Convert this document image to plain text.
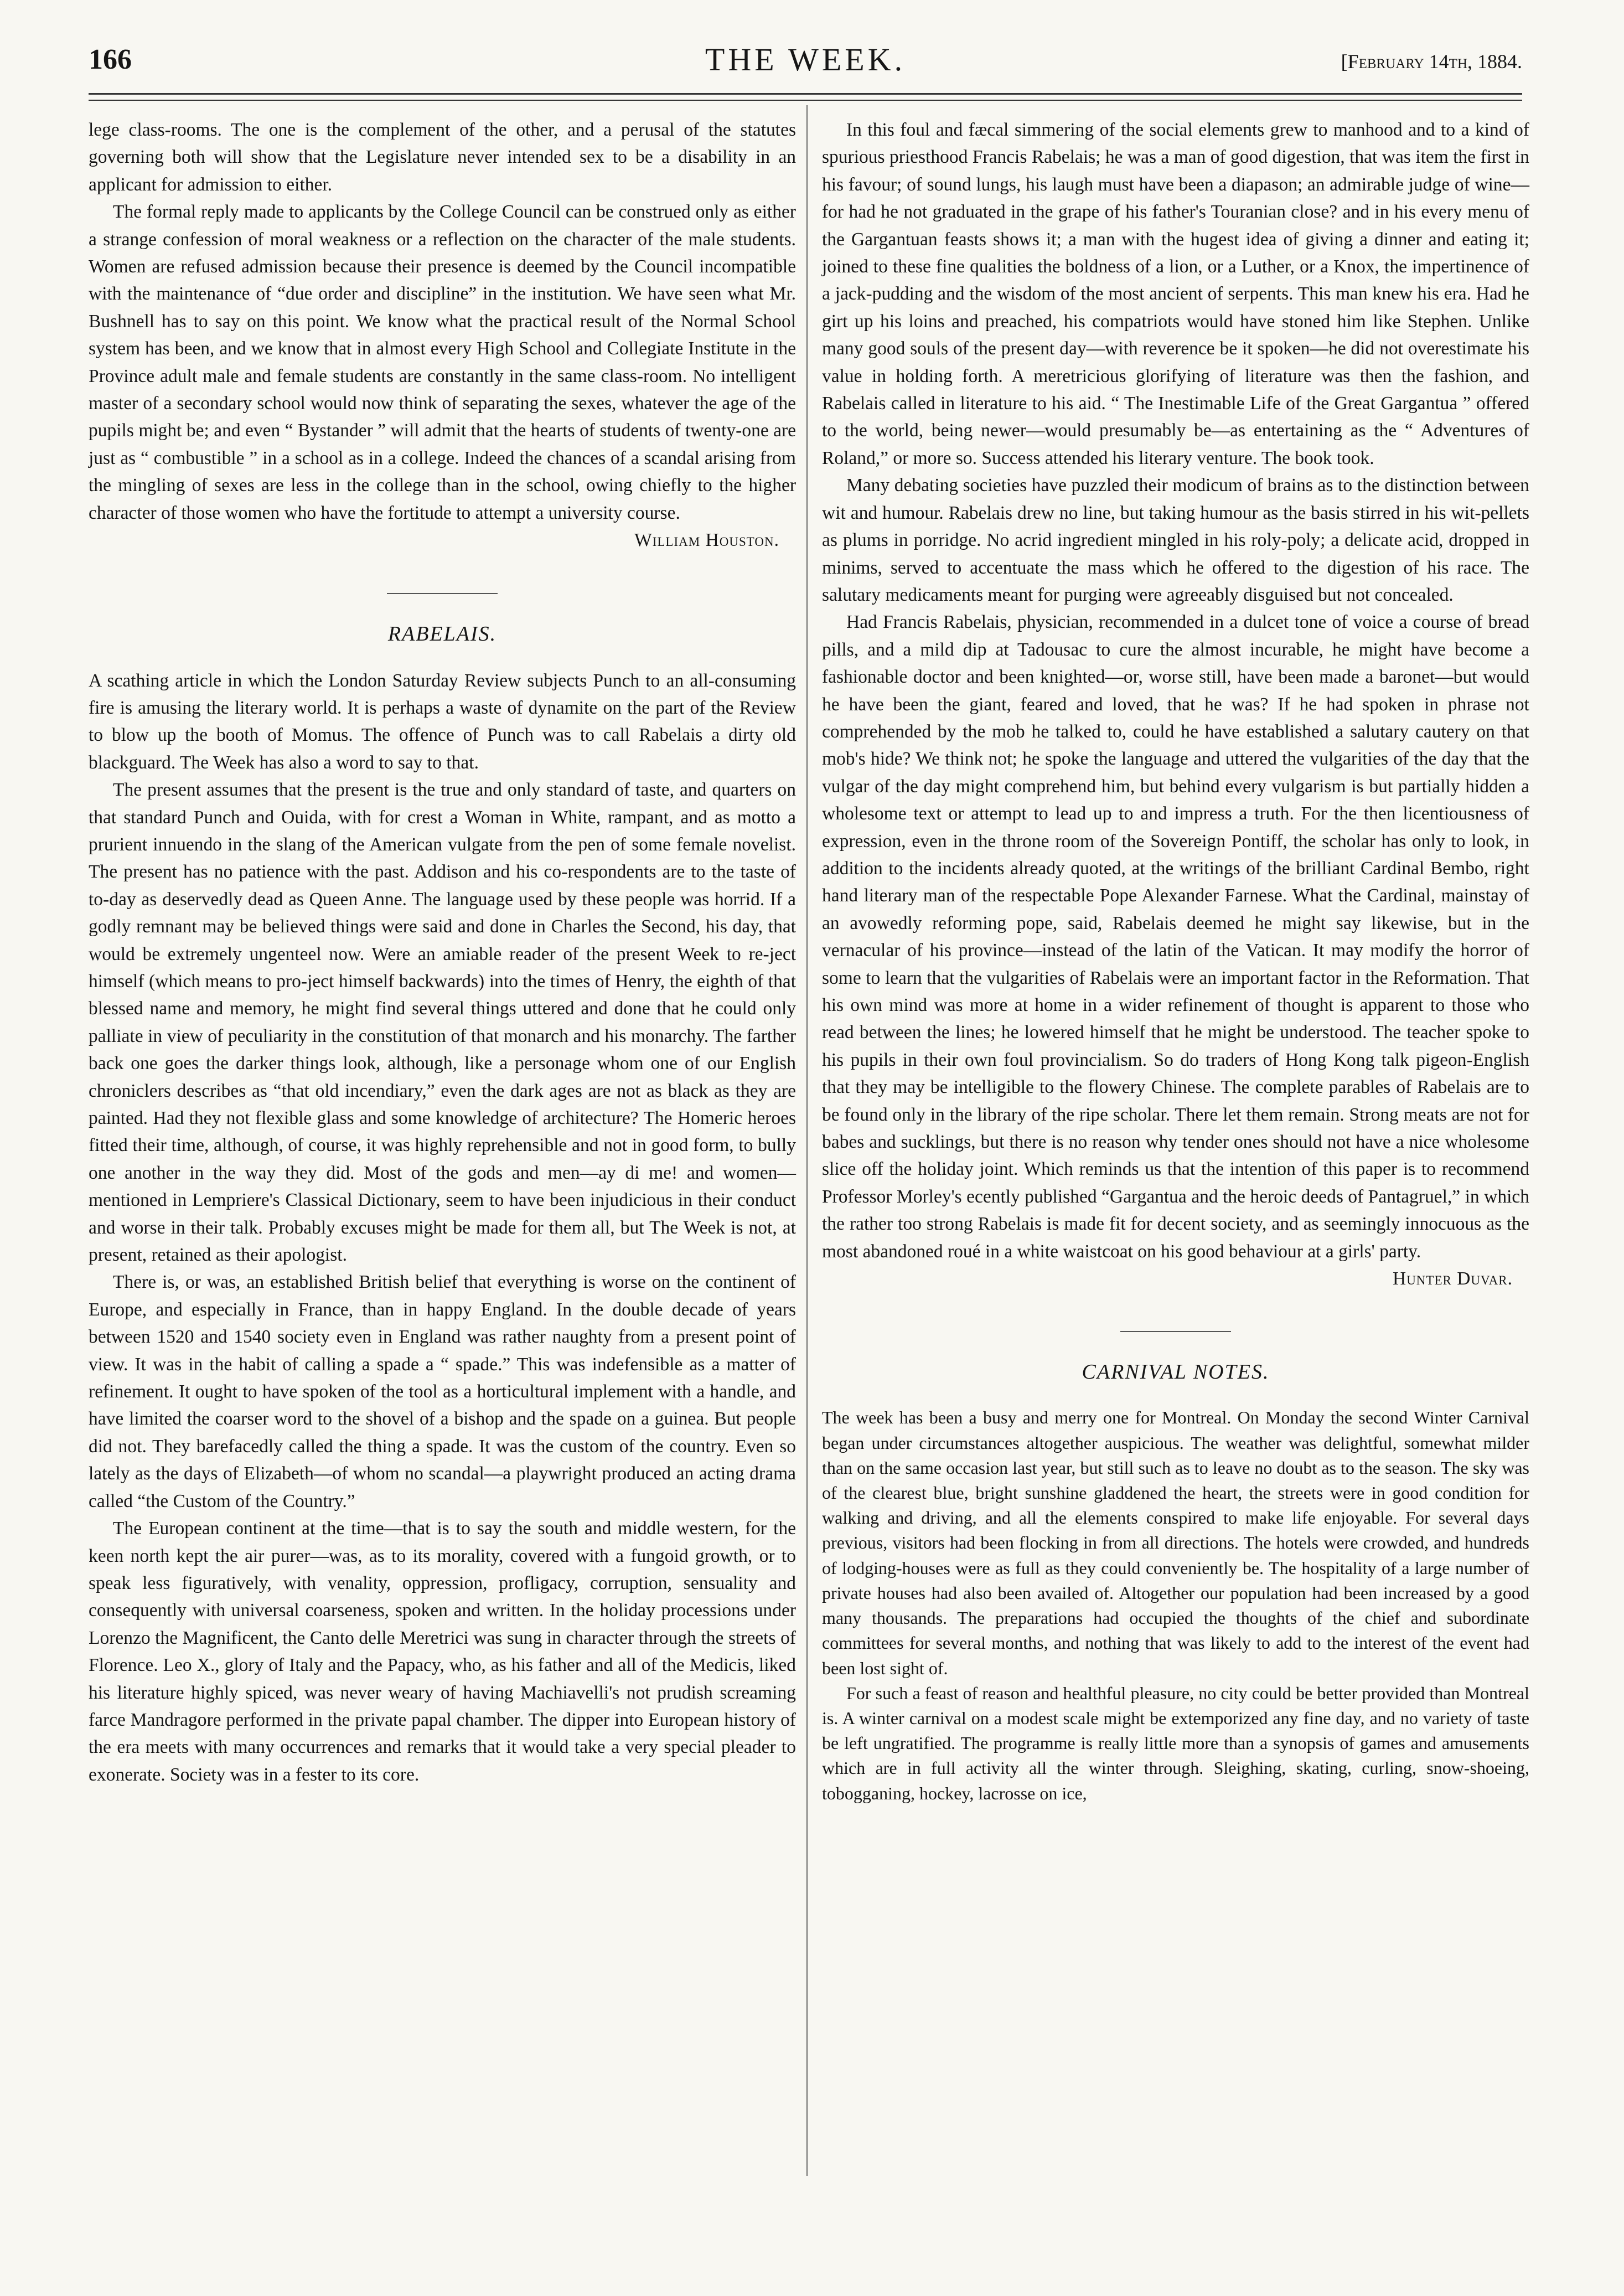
166	THE WEEK.	[February 14th, 1884.

lege class-rooms. The one is the complement of the other, and a perusal of the statutes governing both will show that the Legislature never intended sex to be a disability in an applicant for admission to either.

The formal reply made to applicants by the College Council can be construed only as either a strange confession of moral weakness or a reflection on the character of the male students. Women are refused admission because their presence is deemed by the Council incompatible with the maintenance of “due order and discipline” in the institution. We have seen what Mr. Bushnell has to say on this point. We know what the practical result of the Normal School system has been, and we know that in almost every High School and Collegiate Institute in the Province adult male and female students are constantly in the same class-room. No intelligent master of a secondary school would now think of separating the sexes, whatever the age of the pupils might be; and even “ Bystander ” will admit that the hearts of students of twenty-one are just as “ combustible ” in a school as in a college. Indeed the chances of a scandal arising from the mingling of sexes are less in the college than in the school, owing chiefly to the higher character of those women who have the fortitude to attempt a university course.

William Houston.

RABELAIS.

A scathing article in which the London Saturday Review subjects Punch to an all-consuming fire is amusing the literary world. It is perhaps a waste of dynamite on the part of the Review to blow up the booth of Momus. The offence of Punch was to call Rabelais a dirty old blackguard. The Week has also a word to say to that.

The present assumes that the present is the true and only standard of taste, and quarters on that standard Punch and Ouida, with for crest a Woman in White, rampant, and as motto a prurient innuendo in the slang of the American vulgate from the pen of some female novelist. The present has no patience with the past. Addison and his co-respondents are to the taste of to-day as deservedly dead as Queen Anne. The language used by these people was horrid. If a godly remnant may be believed things were said and done in Charles the Second, his day, that would be extremely ungenteel now. Were an amiable reader of the present Week to re-ject himself (which means to pro-ject himself backwards) into the times of Henry, the eighth of that blessed name and memory, he might find several things uttered and done that he could only palliate in view of peculiarity in the constitution of that monarch and his monarchy. The farther back one goes the darker things look, although, like a personage whom one of our English chroniclers describes as “that old incendiary,” even the dark ages are not as black as they are painted. Had they not flexible glass and some knowledge of architecture? The Homeric heroes fitted their time, although, of course, it was highly reprehensible and not in good form, to bully one another in the way they did. Most of the gods and men—ay di me! and women—mentioned in Lempriere's Classical Dictionary, seem to have been injudicious in their conduct and worse in their talk. Probably excuses might be made for them all, but The Week is not, at present, retained as their apologist.

There is, or was, an established British belief that everything is worse on the continent of Europe, and especially in France, than in happy England. In the double decade of years between 1520 and 1540 society even in England was rather naughty from a present point of view. It was in the habit of calling a spade a “ spade.” This was indefensible as a matter of refinement. It ought to have spoken of the tool as a horticultural implement with a handle, and have limited the coarser word to the shovel of a bishop and the spade on a guinea. But people did not. They barefacedly called the thing a spade. It was the custom of the country. Even so lately as the days of Elizabeth—of whom no scandal—a playwright produced an acting drama called “the Custom of the Country.”

The European continent at the time—that is to say the south and middle western, for the keen north kept the air purer—was, as to its morality, covered with a fungoid growth, or to speak less figuratively, with venality, oppression, profligacy, corruption, sensuality and consequently with universal coarseness, spoken and written. In the holiday processions under Lorenzo the Magnificent, the Canto delle Meretrici was sung in character through the streets of Florence. Leo X., glory of Italy and the Papacy, who, as his father and all of the Medicis, liked his literature highly spiced, was never weary of having Machiavelli's not prudish screaming farce Mandragore performed in the private papal chamber. The dipper into European history of the era meets with many occurrences and remarks that it would take a very special pleader to exonerate. Society was in a fester to its core.

In this foul and fæcal simmering of the social elements grew to manhood and to a kind of spurious priesthood Francis Rabelais; he was a man of good digestion, that was item the first in his favour; of sound lungs, his laugh must have been a diapason; an admirable judge of wine—for had he not graduated in the grape of his father's Touranian close? and in his every menu of the Gargantuan feasts shows it; a man with the hugest idea of giving a dinner and eating it; joined to these fine qualities the boldness of a lion, or a Luther, or a Knox, the impertinence of a jack-pudding and the wisdom of the most ancient of serpents. This man knew his era. Had he girt up his loins and preached, his compatriots would have stoned him like Stephen. Unlike many good souls of the present day—with reverence be it spoken—he did not overestimate his value in holding forth. A meretricious glorifying of literature was then the fashion, and Rabelais called in literature to his aid. “ The Inestimable Life of the Great Gargantua ” offered to the world, being newer—would presumably be—as entertaining as the “ Adventures of Roland,” or more so. Success attended his literary venture. The book took.

Many debating societies have puzzled their modicum of brains as to the distinction between wit and humour. Rabelais drew no line, but taking humour as the basis stirred in his wit-pellets as plums in porridge. No acrid ingredient mingled in his roly-poly; a delicate acid, dropped in minims, served to accentuate the mass which he offered to the digestion of his race. The salutary medicaments meant for purging were agreeably disguised but not concealed.

Had Francis Rabelais, physician, recommended in a dulcet tone of voice a course of bread pills, and a mild dip at Tadousac to cure the almost incurable, he might have become a fashionable doctor and been knighted—or, worse still, have been made a baronet—but would he have been the giant, feared and loved, that he was? If he had spoken in phrase not comprehended by the mob he talked to, could he have established a salutary cautery on that mob's hide? We think not; he spoke the language and uttered the vulgarities of the day that the vulgar of the day might comprehend him, but behind every vulgarism is but partially hidden a wholesome text or attempt to lead up to and impress a truth. For the then licentiousness of expression, even in the throne room of the Sovereign Pontiff, the scholar has only to look, in addition to the incidents already quoted, at the writings of the brilliant Cardinal Bembo, right hand literary man of the respectable Pope Alexander Farnese. What the Cardinal, mainstay of an avowedly reforming pope, said, Rabelais deemed he might say likewise, but in the vernacular of his province—instead of the latin of the Vatican. It may modify the horror of some to learn that the vulgarities of Rabelais were an important factor in the Reformation. That his own mind was more at home in a wider refinement of thought is apparent to those who read between the lines; he lowered himself that he might be understood. The teacher spoke to his pupils in their own foul provincialism. So do traders of Hong Kong talk pigeon-English that they may be intelligible to the flowery Chinese. The complete parables of Rabelais are to be found only in the library of the ripe scholar. There let them remain. Strong meats are not for babes and sucklings, but there is no reason why tender ones should not have a nice wholesome slice off the holiday joint. Which reminds us that the intention of this paper is to recommend Professor Morley's ecently published “Gargantua and the heroic deeds of Pantagruel,” in which the rather too strong Rabelais is made fit for decent society, and as seemingly innocuous as the most abandoned roué in a white waistcoat on his good behaviour at a girls' party.

Hunter Duvar.

CARNIVAL NOTES.

The week has been a busy and merry one for Montreal. On Monday the second Winter Carnival began under circumstances altogether auspicious. The weather was delightful, somewhat milder than on the same occasion last year, but still such as to leave no doubt as to the season. The sky was of the clearest blue, bright sunshine gladdened the heart, the streets were in good condition for walking and driving, and all the elements conspired to make life enjoyable. For several days previous, visitors had been flocking in from all directions. The hotels were crowded, and hundreds of lodging-houses were as full as they could conveniently be. The hospitality of a large number of private houses had also been availed of. Altogether our population had been increased by a good many thousands. The preparations had occupied the thoughts of the chief and subordinate committees for several months, and nothing that was likely to add to the interest of the event had been lost sight of.

For such a feast of reason and healthful pleasure, no city could be better provided than Montreal is. A winter carnival on a modest scale might be extemporized any fine day, and no variety of taste be left ungratified. The programme is really little more than a synopsis of games and amusements which are in full activity all the winter through. Sleighing, skating, curling, snow-shoeing, tobogganing, hockey, lacrosse on ice,
